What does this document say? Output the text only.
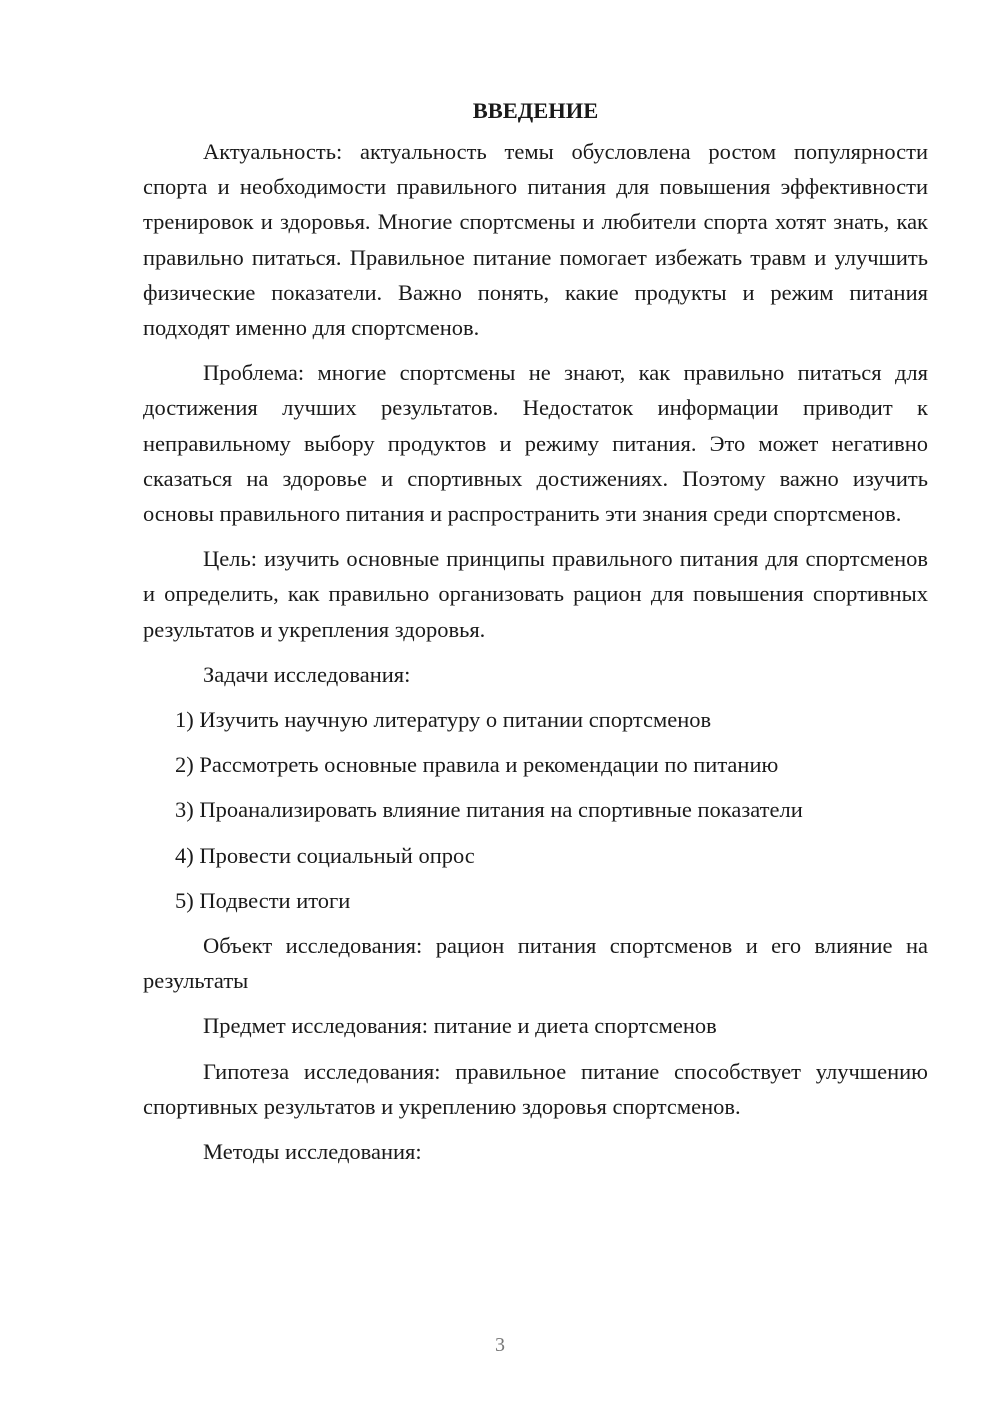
ВВЕДЕНИЕ

Актуальность: актуальность темы обусловлена ростом популярности спорта и необходимости правильного питания для повышения эффективности тренировок и здоровья. Многие спортсмены и любители спорта хотят знать, как правильно питаться. Правильное питание помогает избежать травм и улучшить физические показатели. Важно понять, какие продукты и режим питания подходят именно для спортсменов.

Проблема: многие спортсмены не знают, как правильно питаться для достижения лучших результатов. Недостаток информации приводит к неправильному выбору продуктов и режиму питания. Это может негативно сказаться на здоровье и спортивных достижениях. Поэтому важно изучить основы правильного питания и распространить эти знания среди спортсменов.

Цель: изучить основные принципы правильного питания для спортсменов и определить, как правильно организовать рацион для повышения спортивных результатов и укрепления здоровья.

Задачи исследования:
1) Изучить научную литературу о питании спортсменов
2) Рассмотреть основные правила и рекомендации по питанию
3) Проанализировать влияние питания на спортивные показатели
4) Провести социальный опрос
5) Подвести итоги

Объект исследования: рацион питания спортсменов и его влияние на результаты

Предмет исследования: питание и диета спортсменов

Гипотеза исследования: правильное питание способствует улучшению спортивных результатов и укреплению здоровья спортсменов.

Методы исследования:
3
